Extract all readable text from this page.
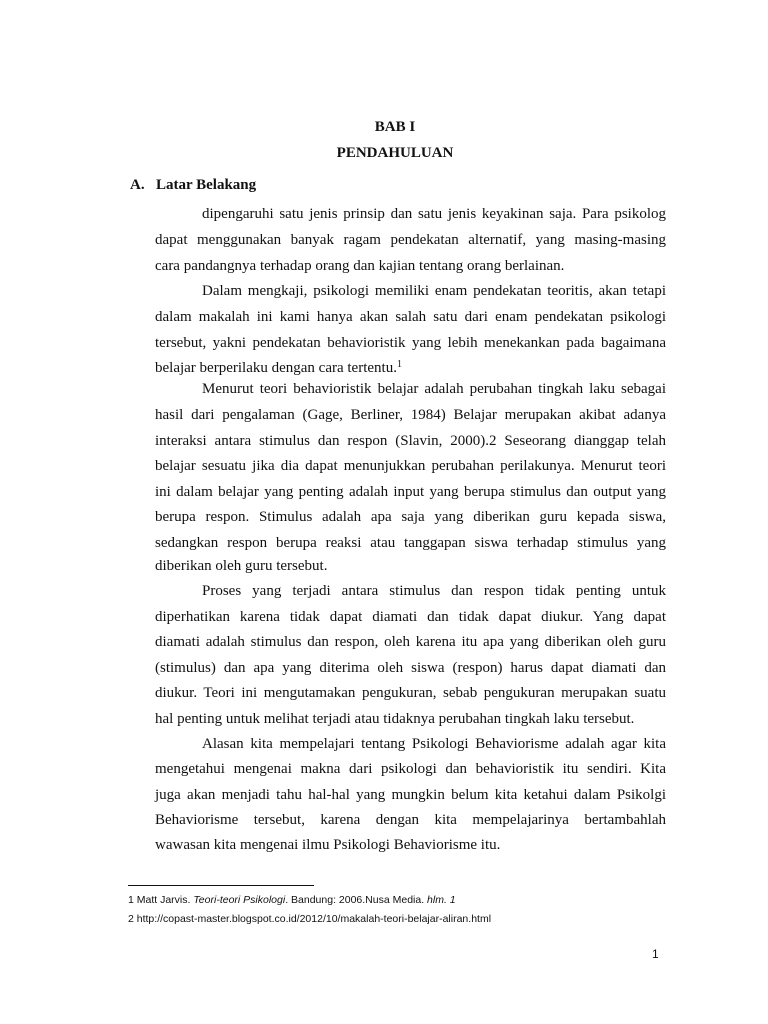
BAB I
PENDAHULUAN
A. Latar Belakang
dipengaruhi satu jenis prinsip dan satu jenis keyakinan saja. Para psikolog
dapat menggunakan banyak ragam pendekatan alternatif, yang masing-masing
cara pandangnya terhadap orang dan kajian tentang orang berlainan.
Dalam mengkaji, psikologi memiliki enam pendekatan teoritis, akan tetapi
dalam makalah ini kami hanya akan salah satu dari enam pendekatan psikologi
tersebut, yakni pendekatan behavioristik yang lebih menekankan pada bagaimana
belajar berperilaku dengan cara tertentu.$^1$
Menurut teori behavioristik belajar adalah perubahan tingkah laku sebagai
hasil dari pengalaman (Gage, Berliner, 1984) Belajar merupakan akibat adanya
interaksi antara stimulus dan respon (Slavin, 2000).2 Seseorang dianggap telah
belajar sesuatu jika dia dapat menunjukkan perubahan perilakunya. Menurut teori
ini dalam belajar yang penting adalah input yang berupa stimulus dan output yang
berupa respon. Stimulus adalah apa saja yang diberikan guru kepada siswa,
sedangkan respon berupa reaksi atau tanggapan siswa terhadap stimulus yang
diberikan oleh guru tersebut.
Proses yang terjadi antara stimulus dan respon tidak penting untuk
diperhatikan karena tidak dapat diamati dan tidak dapat diukur. Yang dapat
diamati adalah stimulus dan respon, oleh karena itu apa yang diberikan oleh guru
(stimulus) dan apa yang diterima oleh siswa (respon) harus dapat diamati dan
diukur. Teori ini mengutamakan pengukuran, sebab pengukuran merupakan suatu
hal penting untuk melihat terjadi atau tidaknya perubahan tingkah laku tersebut.
Alasan kita mempelajari tentang Psikologi Behaviorisme adalah agar kita
mengetahui mengenai makna dari psikologi dan behavioristik itu sendiri. Kita
juga akan menjadi tahu hal-hal yang mungkin belum kita ketahui dalam Psikolgi
Behaviorisme tersebut, karena dengan kita mempelajarinya bertambahlah
wawasan kita mengenai ilmu Psikologi Behaviorisme itu.
1 Matt Jarvis. Teori-teori Psikologi. Bandung: 2006.Nusa Media. hlm. 1
2 http://copast-master.blogspot.co.id/2012/10/makalah-teori-belajar-aliran.html
1
